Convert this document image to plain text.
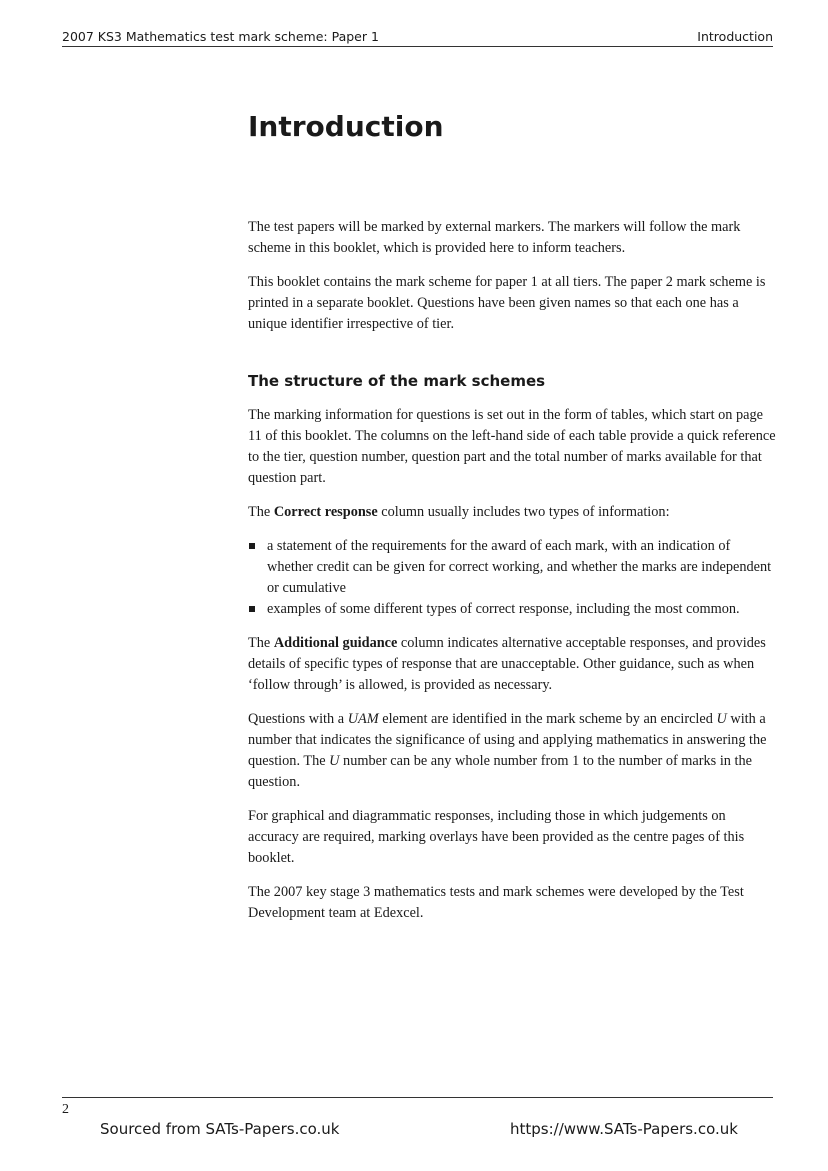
2007 KS3 Mathematics test mark scheme: Paper 1	Introduction
Introduction

The test papers will be marked by external markers. The markers will follow the mark scheme in this booklet, which is provided here to inform teachers.

This booklet contains the mark scheme for paper 1 at all tiers. The paper 2 mark scheme is printed in a separate booklet. Questions have been given names so that each one has a unique identifier irrespective of tier.

The structure of the mark schemes

The marking information for questions is set out in the form of tables, which start on page 11 of this booklet. The columns on the left-hand side of each table provide a quick reference to the tier, question number, question part and the total number of marks available for that question part.

The Correct response column usually includes two types of information:

a statement of the requirements for the award of each mark, with an indication of whether credit can be given for correct working, and whether the marks are independent or cumulative
examples of some different types of correct response, including the most common.

The Additional guidance column indicates alternative acceptable responses, and provides details of specific types of response that are unacceptable. Other guidance, such as when ‘follow through’ is allowed, is provided as necessary.

Questions with a UAM element are identified in the mark scheme by an encircled U with a number that indicates the significance of using and applying mathematics in answering the question. The U number can be any whole number from 1 to the number of marks in the question.

For graphical and diagrammatic responses, including those in which judgements on accuracy are required, marking overlays have been provided as the centre pages of this booklet.

The 2007 key stage 3 mathematics tests and mark schemes were developed by the Test Development team at Edexcel.

2
Sourced from SATs-Papers.co.uk	https://www.SATs-Papers.co.uk
